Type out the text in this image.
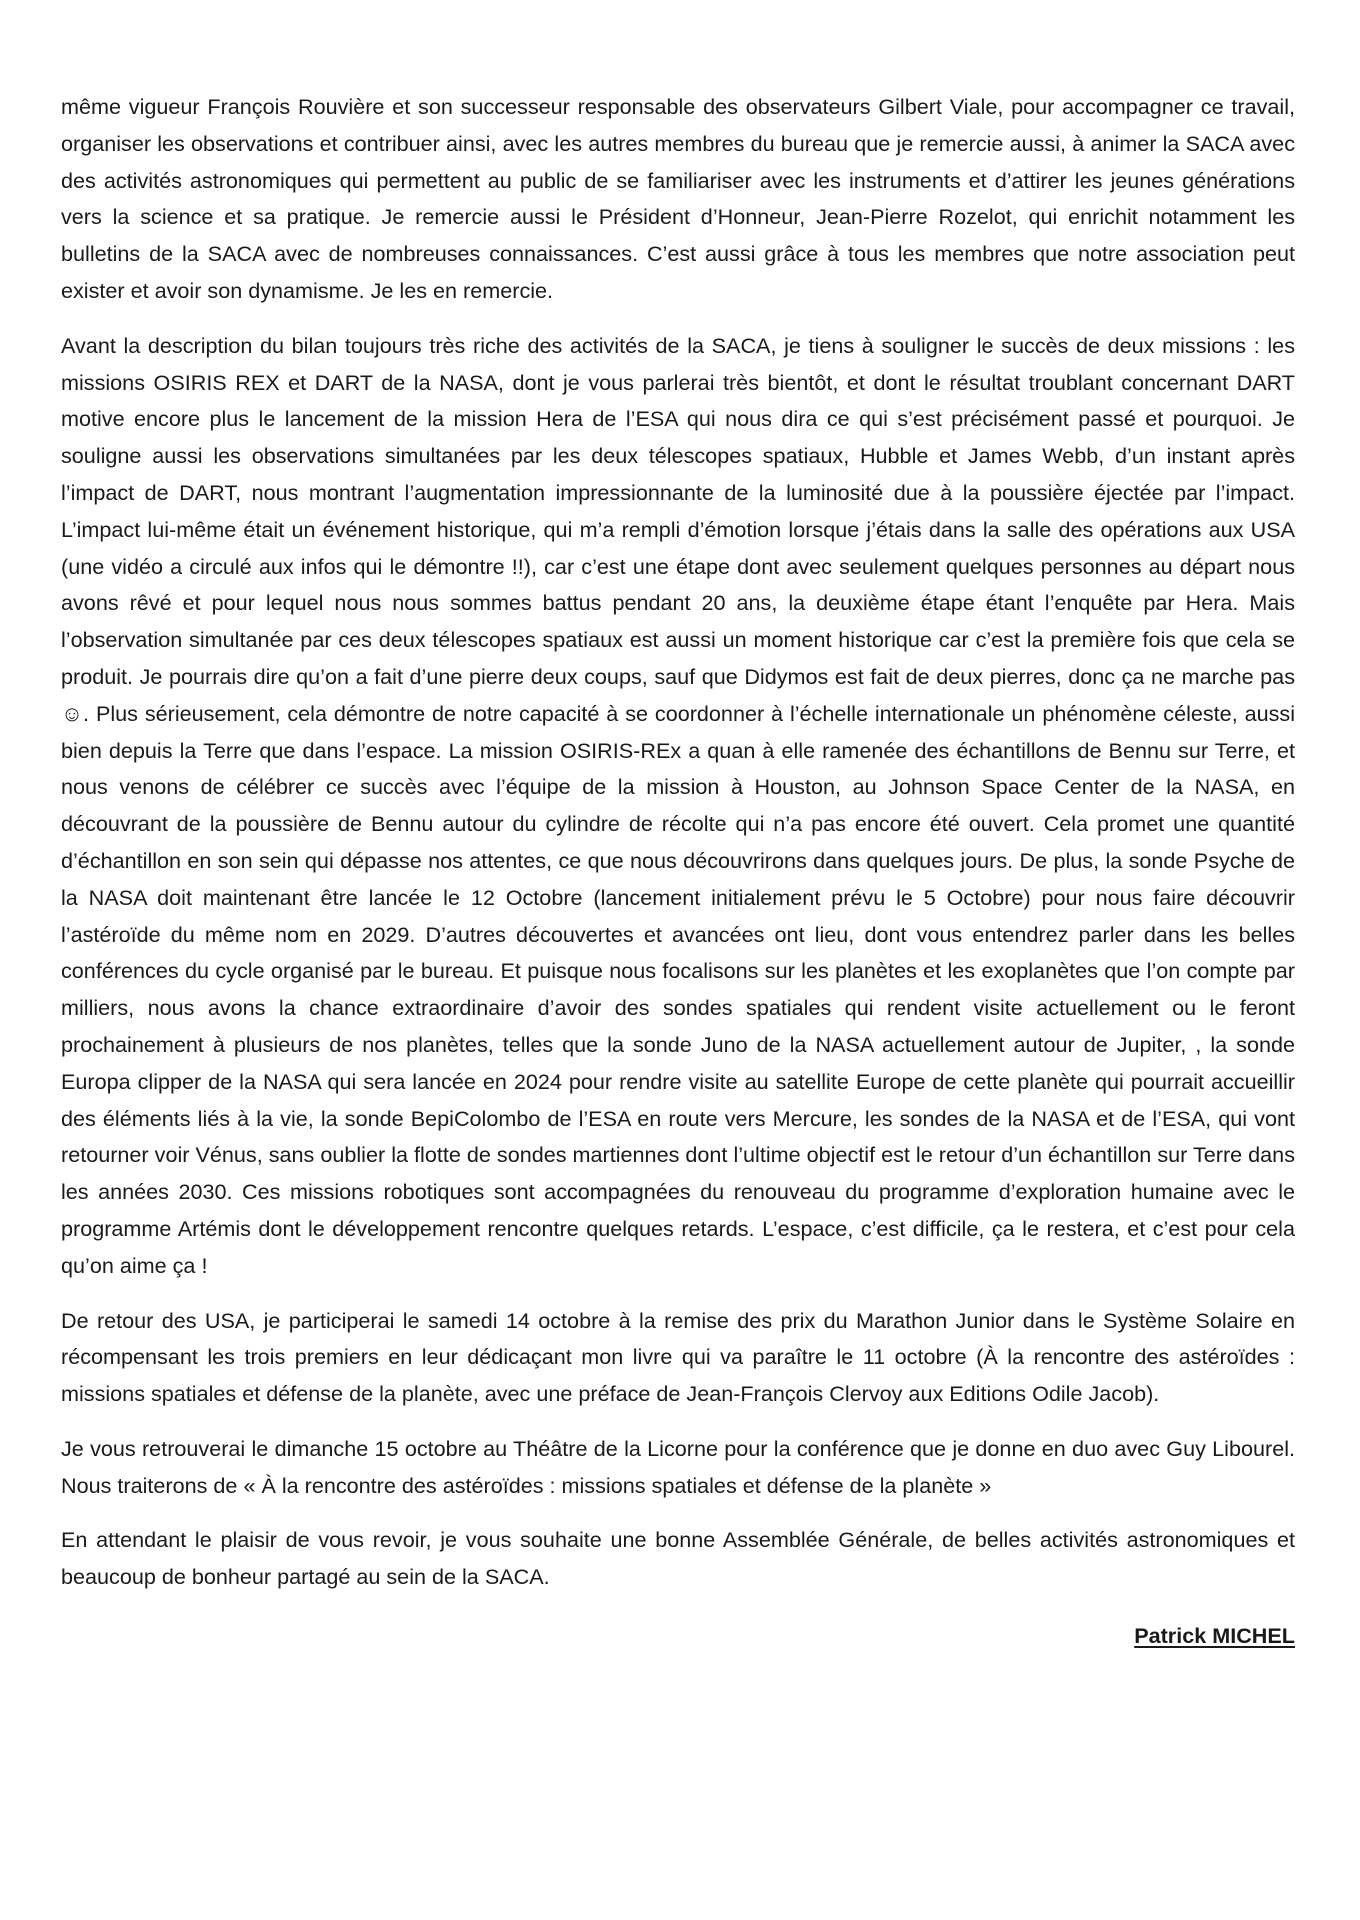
même vigueur François Rouvière et son successeur responsable des observateurs Gilbert Viale, pour accompagner ce travail, organiser les observations et contribuer ainsi, avec les autres membres du bureau que je remercie aussi, à animer la SACA avec des activités astronomiques qui permettent au public de se familiariser avec les instruments et d’attirer les jeunes générations vers la science et sa pratique. Je remercie aussi le Président d’Honneur, Jean-Pierre Rozelot, qui enrichit notamment les bulletins de la SACA avec de nombreuses connaissances. C’est aussi grâce à tous les membres que notre association peut exister et avoir son dynamisme. Je les en remercie.

Avant la description du bilan toujours très riche des activités de la SACA, je tiens à souligner le succès de deux missions : les missions OSIRIS REX et DART de la NASA, dont je vous parlerai très bientôt, et dont le résultat troublant concernant DART motive encore plus le lancement de la mission Hera de l’ESA qui nous dira ce qui s’est précisément passé et pourquoi. Je souligne aussi les observations simultanées par les deux télescopes spatiaux, Hubble et James Webb, d’un instant après l’impact de DART, nous montrant l’augmentation impressionnante de la luminosité due à la poussière éjectée par l’impact. L’impact lui-même était un événement historique, qui m’a rempli d’émotion lorsque j’étais dans la salle des opérations aux USA (une vidéo a circulé aux infos qui le démontre !!), car c’est une étape dont avec seulement quelques personnes au départ nous avons rêvé et pour lequel nous nous sommes battus pendant 20 ans, la deuxième étape étant l’enquête par Hera. Mais l’observation simultanée par ces deux télescopes spatiaux est aussi un moment historique car c’est la première fois que cela se produit. Je pourrais dire qu’on a fait d’une pierre deux coups, sauf que Didymos est fait de deux pierres, donc ça ne marche pas ☺. Plus sérieusement, cela démontre de notre capacité à se coordonner à l’échelle internationale un phénomène céleste, aussi bien depuis la Terre que dans l’espace. La mission OSIRIS-REx a quan à elle ramenée des échantillons de Bennu sur Terre, et nous venons de célébrer ce succès avec l’équipe de la mission à Houston, au Johnson Space Center de la NASA, en découvrant de la poussière de Bennu autour du cylindre de récolte qui n’a pas encore été ouvert. Cela promet une quantité d’échantillon en son sein qui dépasse nos attentes, ce que nous découvrirons dans quelques jours. De plus, la sonde Psyche de la NASA doit maintenant être lancée le 12 Octobre (lancement initialement prévu le 5 Octobre) pour nous faire découvrir l’astéroïde du même nom en 2029. D’autres découvertes et avancées ont lieu, dont vous entendrez parler dans les belles conférences du cycle organisé par le bureau. Et puisque nous focalisons sur les planètes et les exoplanètes que l’on compte par milliers, nous avons la chance extraordinaire d’avoir des sondes spatiales qui rendent visite actuellement ou le feront prochainement à plusieurs de nos planètes, telles que la sonde Juno de la NASA actuellement autour de Jupiter, , la sonde Europa clipper de la NASA qui sera lancée en 2024 pour rendre visite au satellite Europe de cette planète qui pourrait accueillir des éléments liés à la vie, la sonde BepiColombo de l’ESA en route vers Mercure, les sondes de la NASA et de l’ESA, qui vont retourner voir Vénus, sans oublier la flotte de sondes martiennes dont l’ultime objectif est le retour d’un échantillon sur Terre dans les années 2030. Ces missions robotiques sont accompagnées du renouveau du programme d’exploration humaine avec le programme Artémis dont le développement rencontre quelques retards. L’espace, c’est difficile, ça le restera, et c’est pour cela qu’on aime ça !

De retour des USA, je participerai le samedi 14 octobre à la remise des prix du Marathon Junior dans le Système Solaire en récompensant les trois premiers en leur dédicaçant mon livre qui va paraître le 11 octobre (À la rencontre des astéroïdes : missions spatiales et défense de la planète, avec une préface de Jean-François Clervoy aux Editions Odile Jacob).

Je vous retrouverai le dimanche 15 octobre au Théâtre de la Licorne pour la conférence que je donne en duo avec Guy Libourel. Nous traiterons de « À la rencontre des astéroïdes : missions spatiales et défense de la planète »

En attendant le plaisir de vous revoir, je vous souhaite une bonne Assemblée Générale, de belles activités astronomiques et beaucoup de bonheur partagé au sein de la SACA.

Patrick MICHEL
